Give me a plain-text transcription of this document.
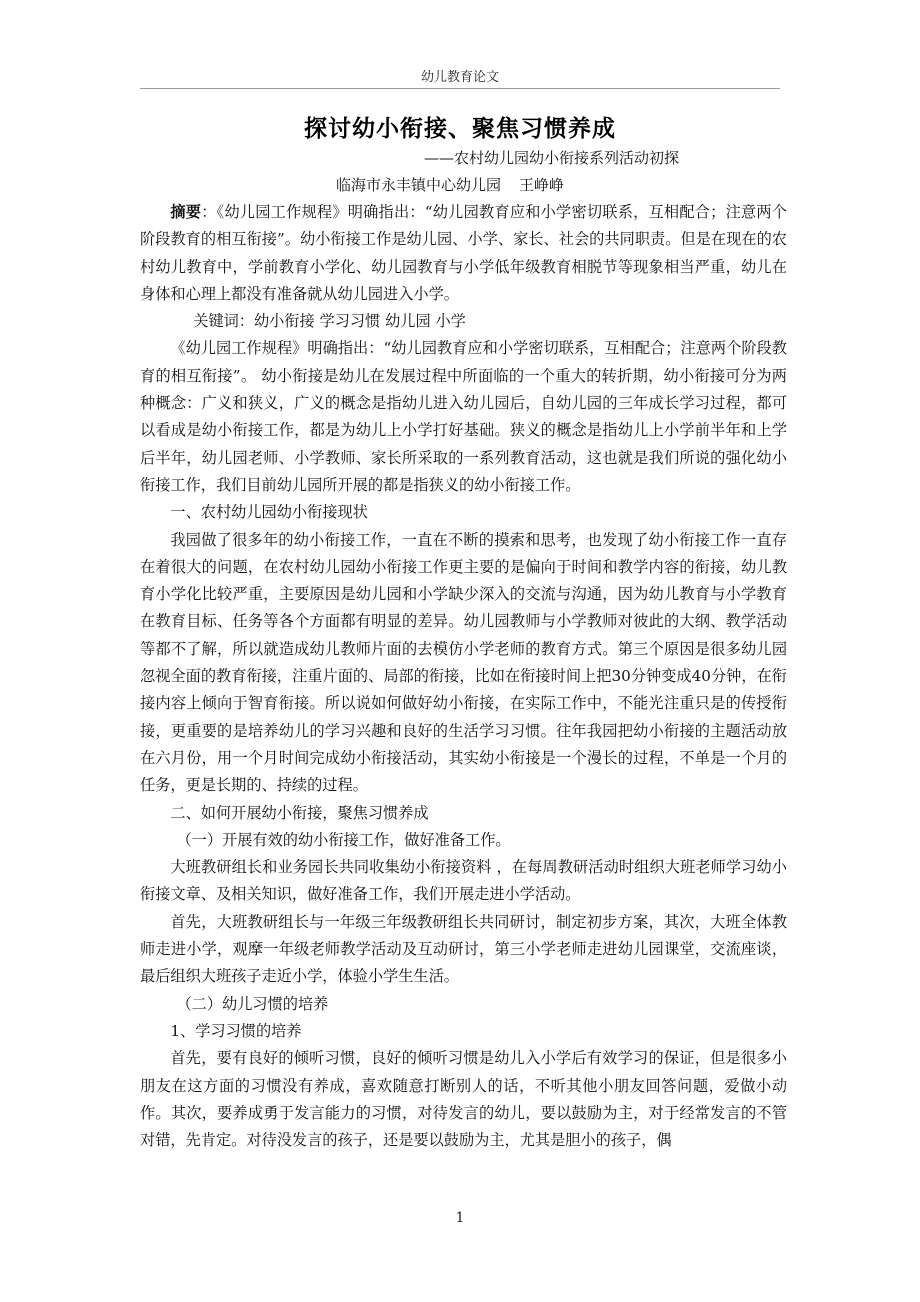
幼儿教育论文
探讨幼小衔接、聚焦习惯养成
——农村幼儿园幼小衔接系列活动初探
临海市永丰镇中心幼儿园 王峥峥

摘要：《幼儿园工作规程》明确指出：“幼儿园教育应和小学密切联系，互相配合；注意两个阶段教育的相互衔接”。幼小衔接工作是幼儿园、小学、家长、社会的共同职责。但是在现在的农村幼儿教育中，学前教育小学化、幼儿园教育与小学低年级教育相脱节等现象相当严重，幼儿在身体和心理上都没有准备就从幼儿园进入小学。

关键词：幼小衔接 学习习惯 幼儿园 小学

《幼儿园工作规程》明确指出：“幼儿园教育应和小学密切联系，互相配合；注意两个阶段教育的相互衔接”。 幼小衔接是幼儿在发展过程中所面临的一个重大的转折期，幼小衔接可分为两种概念：广义和狭义，广义的概念是指幼儿进入幼儿园后，自幼儿园的三年成长学习过程，都可以看成是幼小衔接工作，都是为幼儿上小学打好基础。狭义的概念是指幼儿上小学前半年和上学后半年，幼儿园老师、小学教师、家长所采取的一系列教育活动，这也就是我们所说的强化幼小衔接工作，我们目前幼儿园所开展的都是指狭义的幼小衔接工作。

一、农村幼儿园幼小衔接现状

我园做了很多年的幼小衔接工作，一直在不断的摸索和思考，也发现了幼小衔接工作一直存在着很大的问题，在农村幼儿园幼小衔接工作更主要的是偏向于时间和教学内容的衔接，幼儿教育小学化比较严重，主要原因是幼儿园和小学缺少深入的交流与沟通，因为幼儿教育与小学教育在教育目标、任务等各个方面都有明显的差异。幼儿园教师与小学教师对彼此的大纲、教学活动等都不了解，所以就造成幼儿教师片面的去模仿小学老师的教育方式。第三个原因是很多幼儿园忽视全面的教育衔接，注重片面的、局部的衔接，比如在衔接时间上把30分钟变成40分钟，在衔接内容上倾向于智育衔接。所以说如何做好幼小衔接，在实际工作中，不能光注重只是的传授衔接，更重要的是培养幼儿的学习兴趣和良好的生活学习习惯。往年我园把幼小衔接的主题活动放在六月份，用一个月时间完成幼小衔接活动，其实幼小衔接是一个漫长的过程，不单是一个月的任务，更是长期的、持续的过程。

二、如何开展幼小衔接，聚焦习惯养成

（一）开展有效的幼小衔接工作，做好准备工作。

大班教研组长和业务园长共同收集幼小衔接资料 ，在每周教研活动时组织大班老师学习幼小衔接文章、及相关知识，做好准备工作，我们开展走进小学活动。

首先，大班教研组长与一年级三年级教研组长共同研讨，制定初步方案，其次，大班全体教师走进小学，观摩一年级老师教学活动及互动研讨，第三小学老师走进幼儿园课堂，交流座谈，最后组织大班孩子走近小学，体验小学生生活。

（二）幼儿习惯的培养

1、学习习惯的培养

首先，要有良好的倾听习惯，良好的倾听习惯是幼儿入小学后有效学习的保证，但是很多小朋友在这方面的习惯没有养成，喜欢随意打断别人的话，不听其他小朋友回答问题，爱做小动作。其次，要养成勇于发言能力的习惯，对待发言的幼儿，要以鼓励为主，对于经常发言的不管对错，先肯定。对待没发言的孩子，还是要以鼓励为主，尤其是胆小的孩子，偶

1
